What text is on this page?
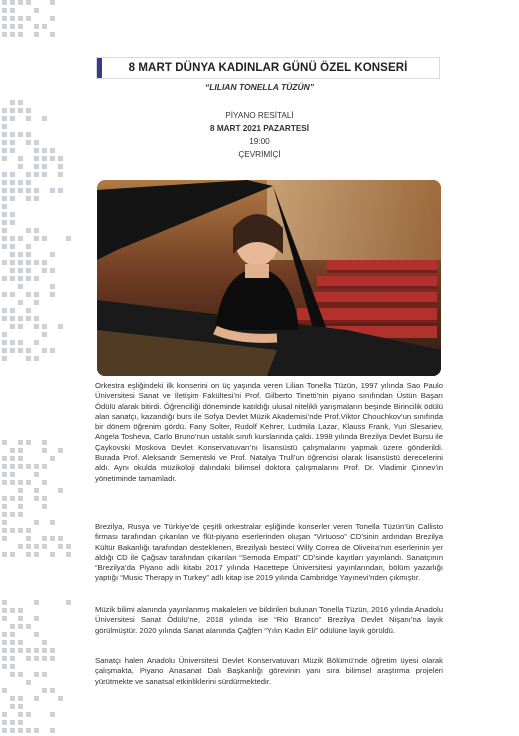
8 MART DÜNYA KADINLAR GÜNÜ ÖZEL KONSERİ
“LILIAN TONELLA TÜZÜN”
PİYANO RESİTALİ
8 MART 2021 PAZARTESİ
19:00
ÇEVRİMİÇİ

Orkestra eşliğindeki ilk konserini on üç yaşında veren Lilian Tonella Tüzün, 1997 yılında Sao Paulo Üniversitesi Sanat ve İletişim Fakültesi’ni Prof. Gilberto Tinetti’nin piyano sınıfından Üstün Başarı Ödülü alarak bitirdi. Öğrenciliği döneminde katıldığı ulusal nitelikli yarışmaların beşinde Birincilik ödülü alan sanatçı, kazandığı burs ile Sofya Devlet Müzik Akademisi’nde Prof.Viktor Chouchkov’un sınıfında bir dönem öğrenim gördü. Fany Solter, Rudolf Kehrer, Ludmila Lazar, Klauss Frank, Yuri Slesariev, Angela Tosheva, Carlo Bruno’nun ustalık sınıfı kurslarında çaldı. 1998 yılında Brezilya Devlet Bursu ile Çaykovski Moskova Devlet Konservatuvarı’nı lisansüstü çalışmalarını yapmak üzere gönderildi. Burada Prof. Aleksandr Sementski ve Prof. Natalya Trull’un öğrencisi olarak lisansüstü derecelerini aldı. Aynı okulda müzikoloji dalındaki bilimsel doktora çalışmalarını Prof. Dr. Vladimir Çinnev’in yönetiminde tamamladı.

Brezilya, Rusya ve Türkiye’de çeşitli orkestralar eşliğinde konserler veren Tonella Tüzün’ün Callisto firması tarafından çıkarılan ve flüt-piyano eserlerinden oluşan “Virtuoso” CD’sinin ardından Brezilya Kültür Bakanlığı tarafından desteklenen, Brezilyalı besteci Willy Correa de Oliveira’nın eserlerinin yer aldığı CD ile Çağsav tarafından çıkarılan “Semoda Empati” CD’sinde kayıtları yayınlandı. Sanatçının “Brezilya’da Piyano adlı kitabı 2017 yılında Hacettepe Üniversitesi yayınlarından, bölüm yazarlığı yaptığı “Music Therapy in Turkey” adlı kitap ise 2019 yılında Cambridge Yayınevi’nden çıkmıştır.

Müzik bilimi alanında yayınlanmış makaleleri ve bildirileri bulunan Tonella Tüzün, 2016 yılında Anadolu Üniversitesi Sanat Ödülü’ne, 2018 yılında ise “Rio Branco” Brezilya Devlet Nişanı’na layık görülmüştür. 2020 yılında Sanat alanında Çağfen “Yılın Kadın Eli” ödülüne layık görüldü.

Sanatçı halen Anadolu Üniversitesi Devlet Konservatuvarı Müzik Bölümü’nde öğretim üyesi olarak çalışmakta, Piyano Anasanat Dalı Başkanlığı görevinin yanı sıra bilimsel araştırma projeleri yürütmekte ve sanatsal etkinliklerini sürdürmektedir.
